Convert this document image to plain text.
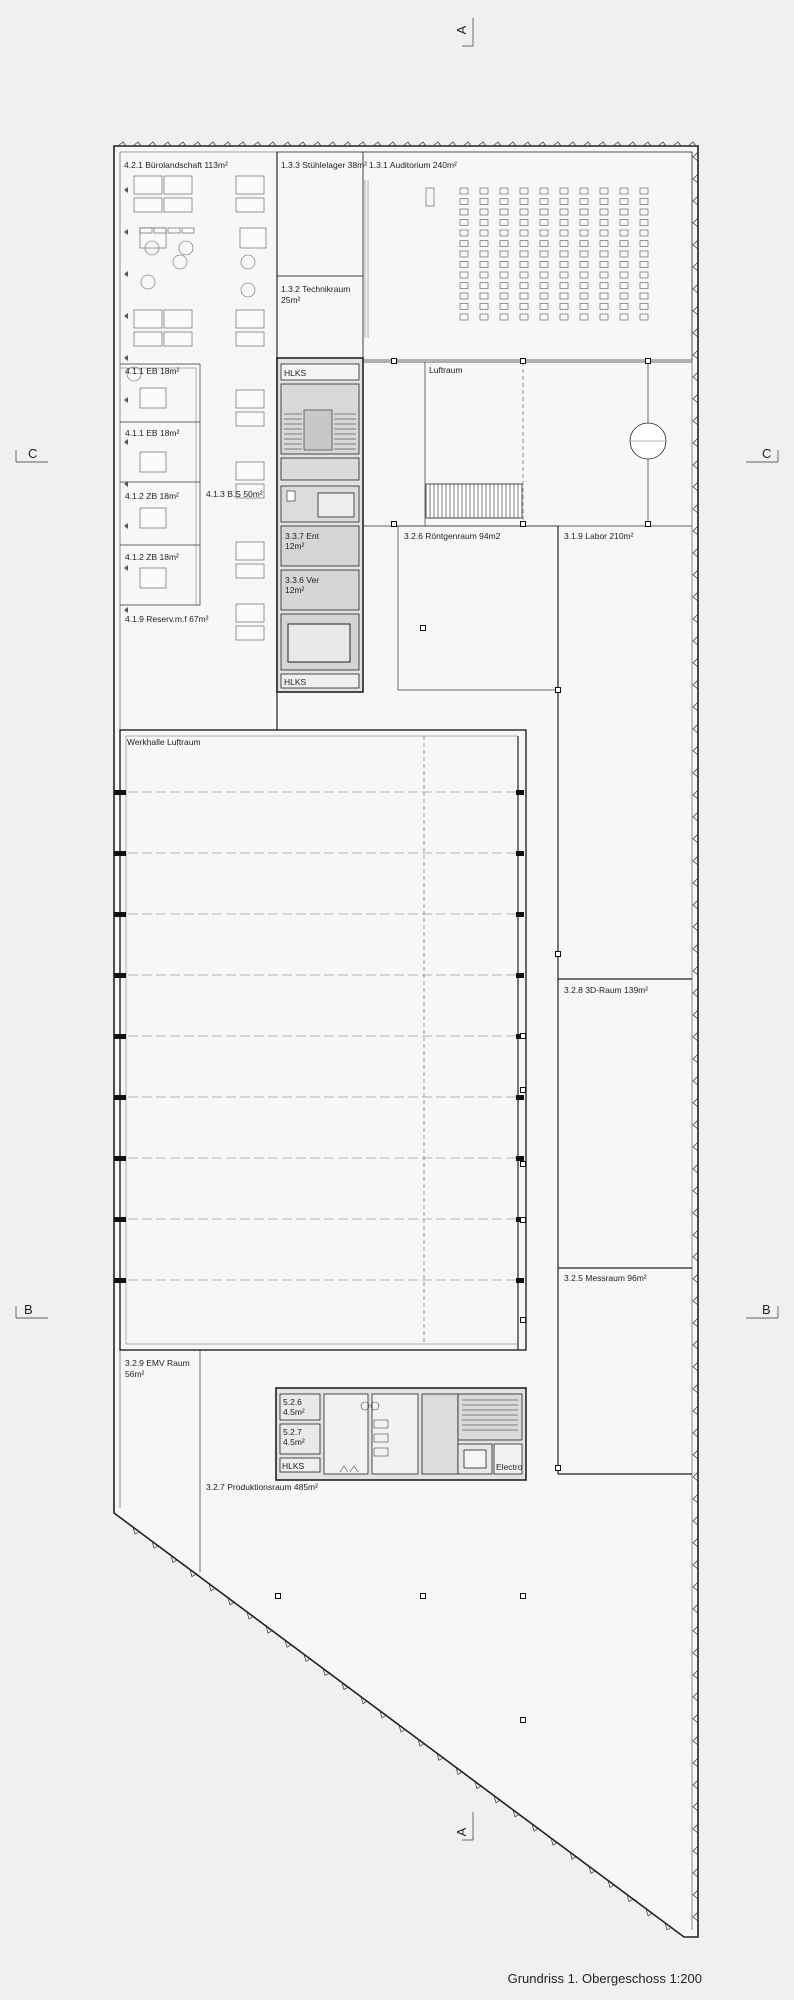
A
A
C	C
B	B
4.2.1 Bürolandschaft 113m²	1.3.3 Stühlelager 38m² 1.3.1 Auditorium 240m²
1.3.2 Technikraum
25m²
HLKS	Luftraum
4.1.1 EB 18m²
4.1.1 EB 18m²
4.1.2 ZB 18m²
4.1.2 ZB 18m²
4.1.3 B.S 50m²
4.1.9 Reserv.m.f 67m²
3.3.7 Ent
12m²
3.3.6 Ver
12m²
HLKS
3.2.6 Röntgenraum 94m2	3.1.9 Labor 210m²
Werkhalle Luftraum
3.2.8 3D-Raum 139m²
3.2.5 Messraum 96m²
3.2.9 EMV Raum
56m²
5.2.6
4.5m²
5.2.7
4.5m²
HLKS	Electro
3.2.7 Produktionsraum 485m²
Grundriss 1. Obergeschoss 1:200
